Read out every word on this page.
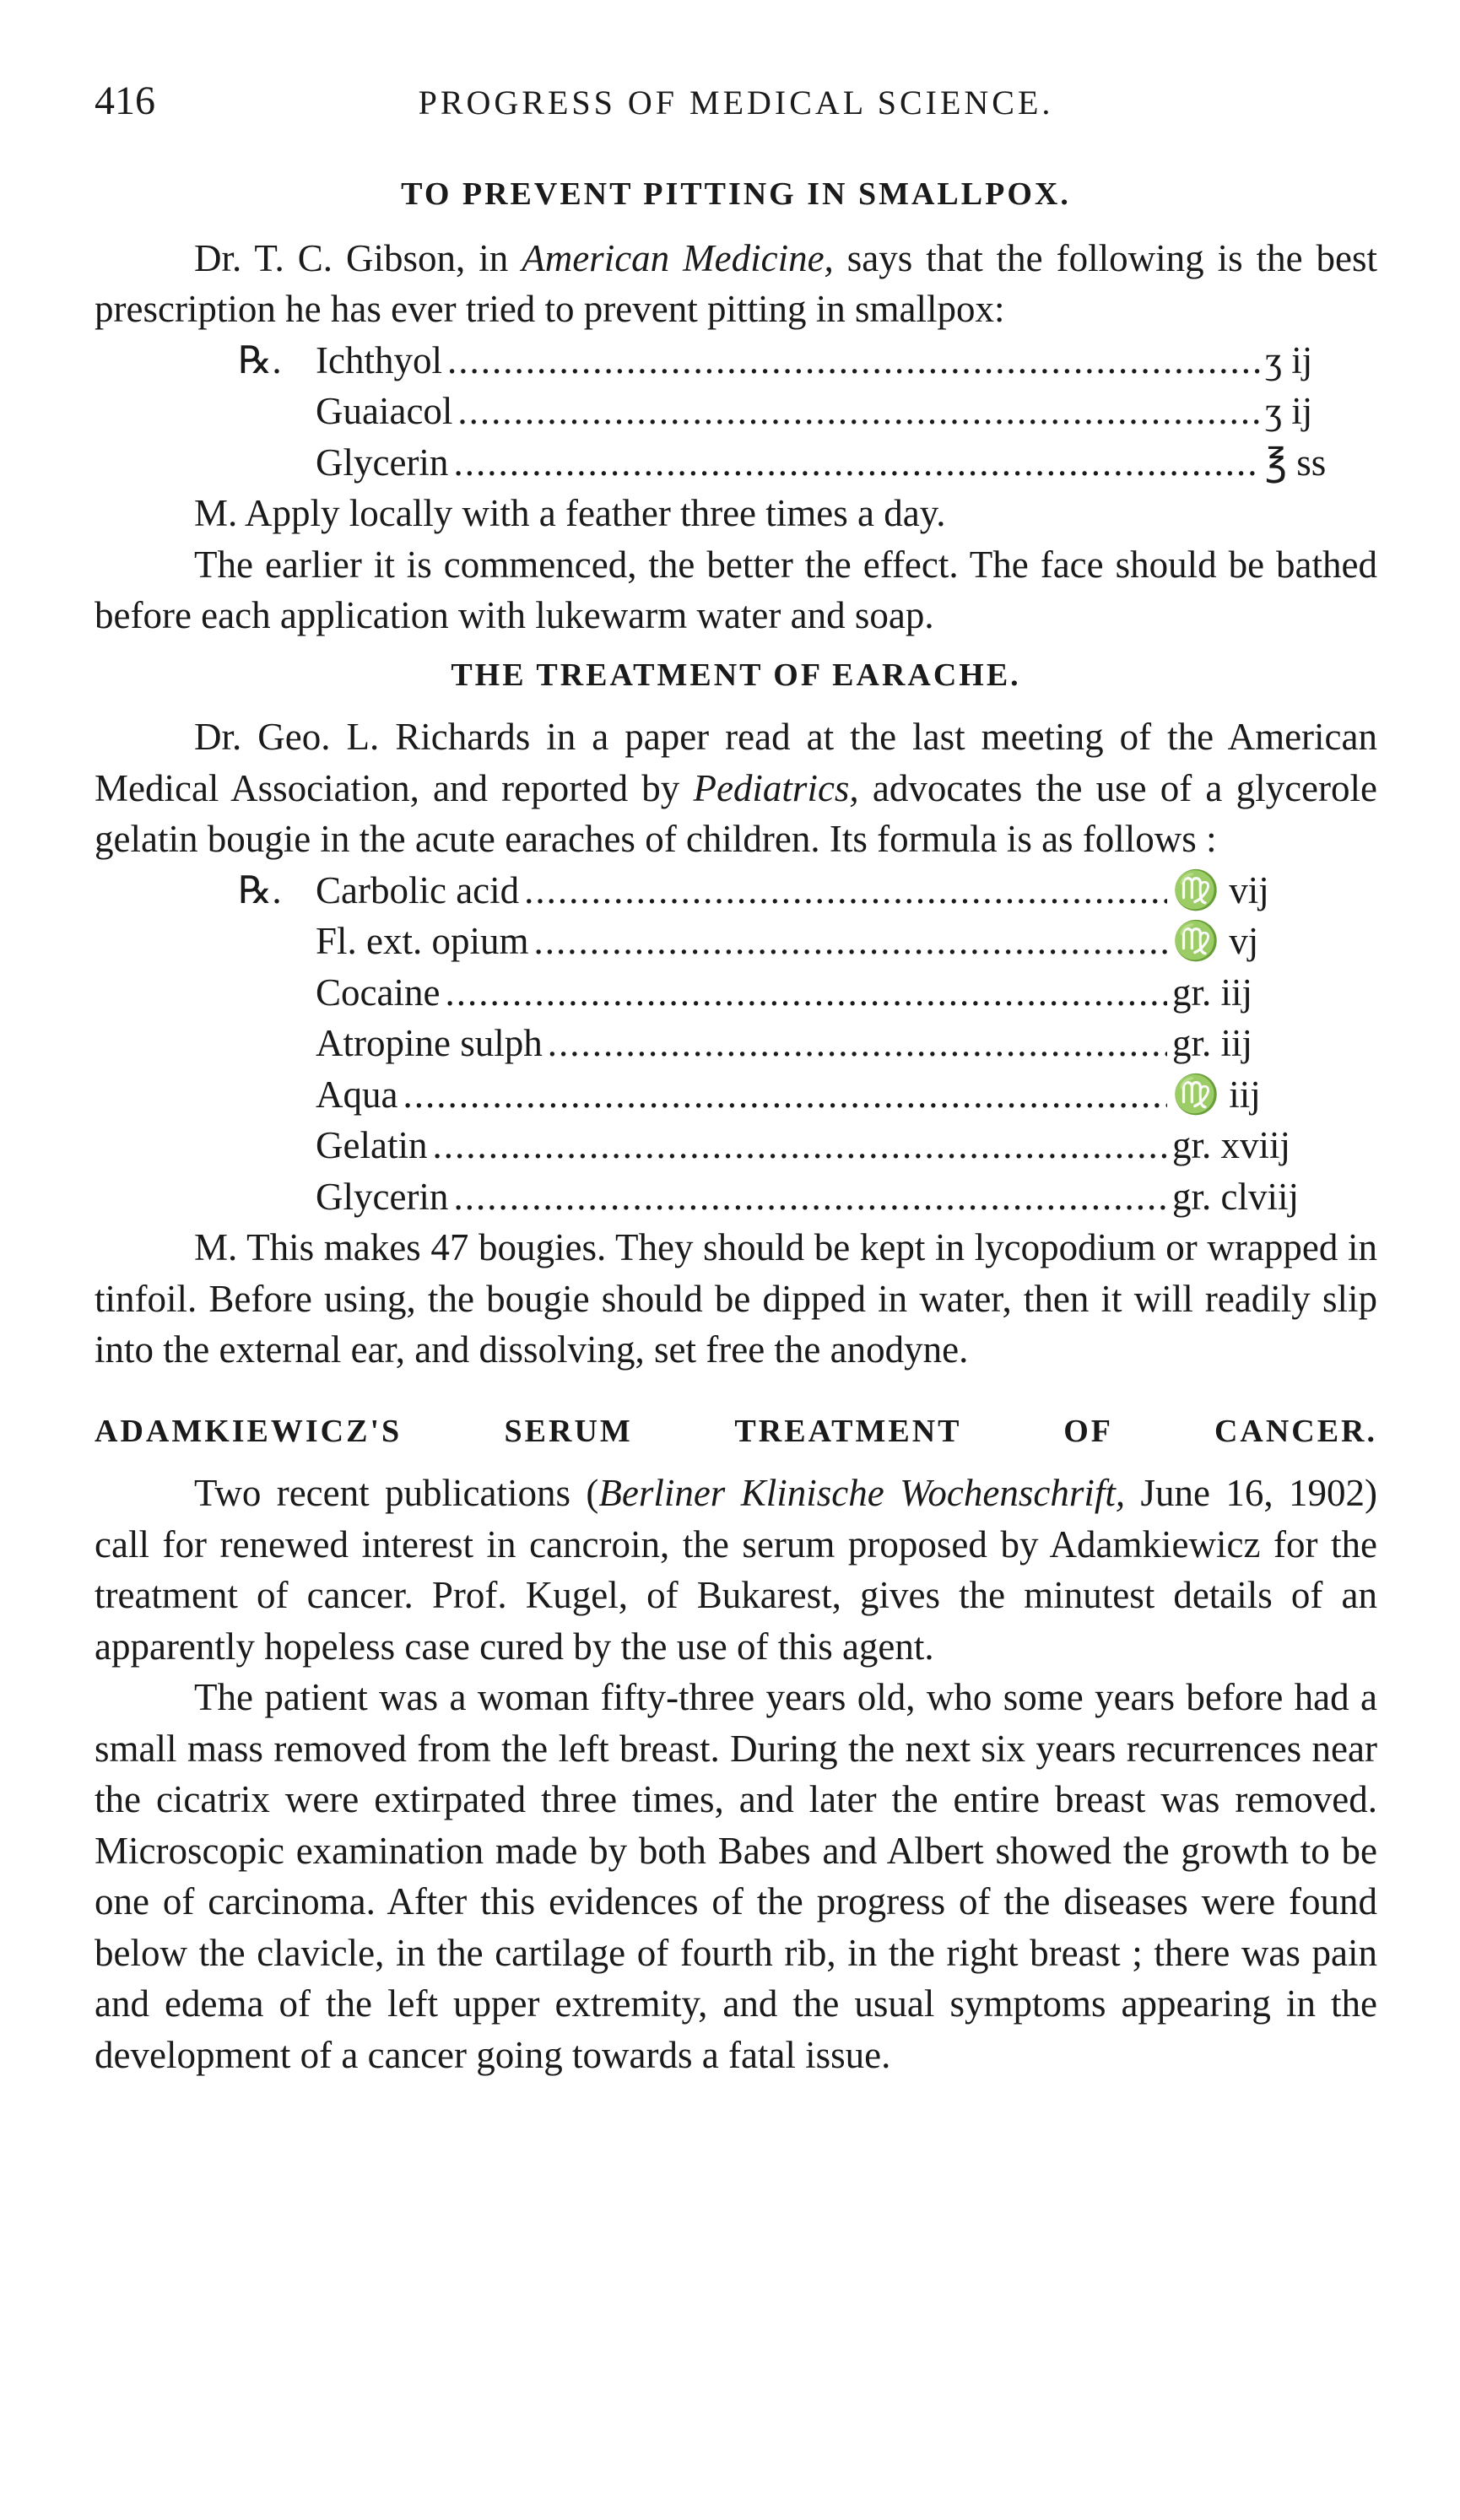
416	PROGRESS OF MEDICAL SCIENCE.
TO PREVENT PITTING IN SMALLPOX.

Dr. T. C. Gibson, in American Medicine, says that the following is the best prescription he has ever tried to prevent pitting in smallpox:

℞. Ichthyol .....	ʒ ij
Guaiacol .....	ʒ ij
Glycerin .....	℥ ss

M. Apply locally with a feather three times a day.

The earlier it is commenced, the better the effect. The face should be bathed before each application with lukewarm water and soap.

THE TREATMENT OF EARACHE.

Dr. Geo. L. Richards in a paper read at the last meeting of the American Medical Association, and reported by Pediatrics, advocates the use of a glycerole gelatin bougie in the acute earaches of children. Its formula is as follows :

℞. Carbolic acid .....	♍ vij
Fl. ext. opium .....	♍ vj
Cocaine .....	gr. iij
Atropine sulph .....	gr. iij
Aqua .....	♍ iij
Gelatin .....	gr. xviij
Glycerin .....	gr. clviij

M. This makes 47 bougies. They should be kept in lycopodium or wrapped in tinfoil. Before using, the bougie should be dipped in water, then it will readily slip into the external ear, and dissolving, set free the anodyne.

ADAMKIEWICZ'S SERUM TREATMENT OF CANCER.

Two recent publications (Berliner Klinische Wochenschrift, June 16, 1902) call for renewed interest in cancroin, the serum proposed by Adamkiewicz for the treatment of cancer. Prof. Kugel, of Bukarest, gives the minutest details of an apparently hopeless case cured by the use of this agent.

The patient was a woman fifty-three years old, who some years before had a small mass removed from the left breast. During the next six years recurrences near the cicatrix were extirpated three times, and later the entire breast was removed. Microscopic examination made by both Babes and Albert showed the growth to be one of carcinoma. After this evidences of the progress of the diseases were found below the clavicle, in the cartilage of fourth rib, in the right breast ; there was pain and edema of the left upper extremity, and the usual symptoms appearing in the development of a cancer going towards a fatal issue.
